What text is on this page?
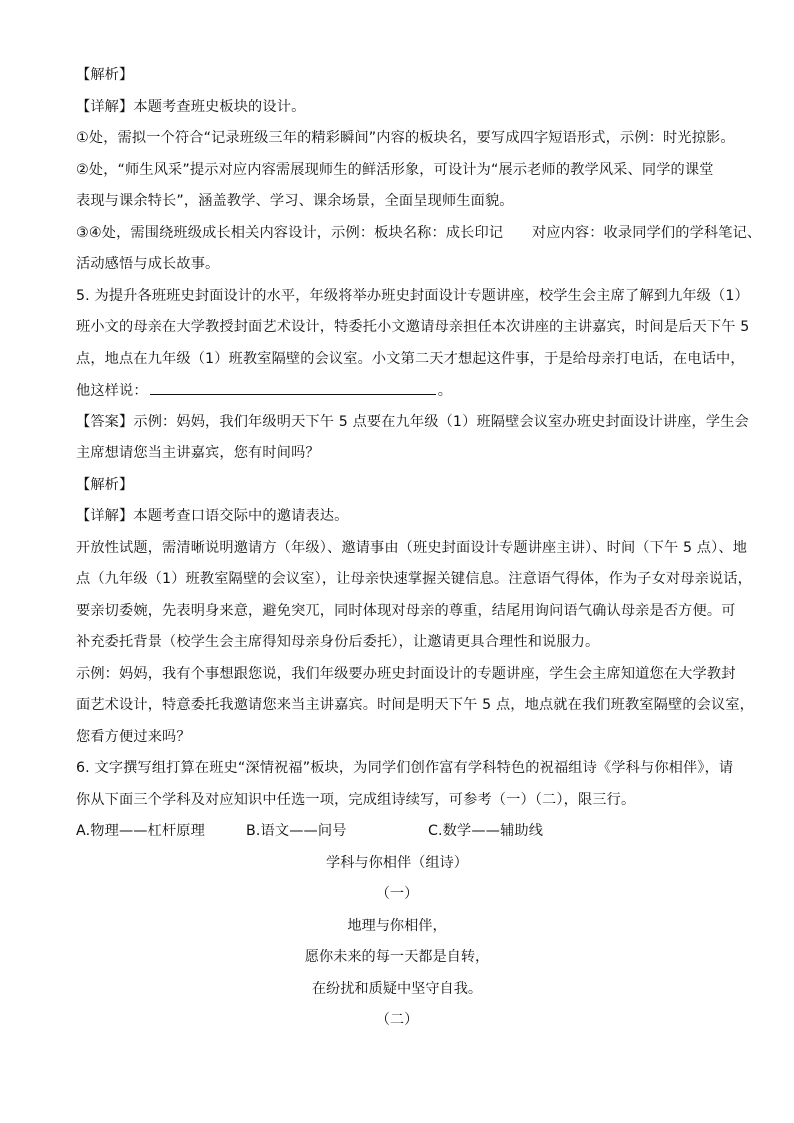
【解析】
【详解】本题考查班史板块的设计。
①处，需拟一个符合“记录班级三年的精彩瞬间”内容的板块名，要写成四字短语形式，示例：时光掠影。
②处，“师生风采”提示对应内容需展现师生的鲜活形象，可设计为“展示老师的教学风采、同学的课堂
表现与课余特长”，涵盖教学、学习、课余场景，全面呈现师生面貌。
③④处，需围绕班级成长相关内容设计，示例：板块名称：成长印记　　对应内容：收录同学们的学科笔记、
活动感悟与成长故事。
5. 为提升各班班史封面设计的水平，年级将举办班史封面设计专题讲座，校学生会主席了解到九年级（1）
班小文的母亲在大学教授封面艺术设计，特委托小文邀请母亲担任本次讲座的主讲嘉宾，时间是后天下午 5
点，地点在九年级（1）班教室隔壁的会议室。小文第二天才想起这件事，于是给母亲打电话，在电话中，
他这样说：	。
【答案】示例：妈妈，我们年级明天下午 5 点要在九年级（1）班隔壁会议室办班史封面设计讲座，学生会
主席想请您当主讲嘉宾，您有时间吗？
【解析】
【详解】本题考查口语交际中的邀请表达。
开放性试题，需清晰说明邀请方（年级）、邀请事由（班史封面设计专题讲座主讲）、时间（下午 5 点）、地
点（九年级（1）班教室隔壁的会议室），让母亲快速掌握关键信息。注意语气得体，作为子女对母亲说话，
要亲切委婉，先表明身来意，避免突兀，同时体现对母亲的尊重，结尾用询问语气确认母亲是否方便。可
补充委托背景（校学生会主席得知母亲身份后委托），让邀请更具合理性和说服力。
示例：妈妈，我有个事想跟您说，我们年级要办班史封面设计的专题讲座，学生会主席知道您在大学教封
面艺术设计，特意委托我邀请您来当主讲嘉宾。时间是明天下午 5 点，地点就在我们班教室隔壁的会议室，
您看方便过来吗？
6. 文字撰写组打算在班史“深情祝福”板块，为同学们创作富有学科特色的祝福组诗《学科与你相伴》，请
你从下面三个学科及对应知识中任选一项，完成组诗续写，可参考（一）（二），限三行。
A.物理——杠杆原理	B.语文——问号	C.数学——辅助线
学科与你相伴（组诗）
（一）
地理与你相伴，
愿你未来的每一天都是自转，
在纷扰和质疑中坚守自我。
（二）
